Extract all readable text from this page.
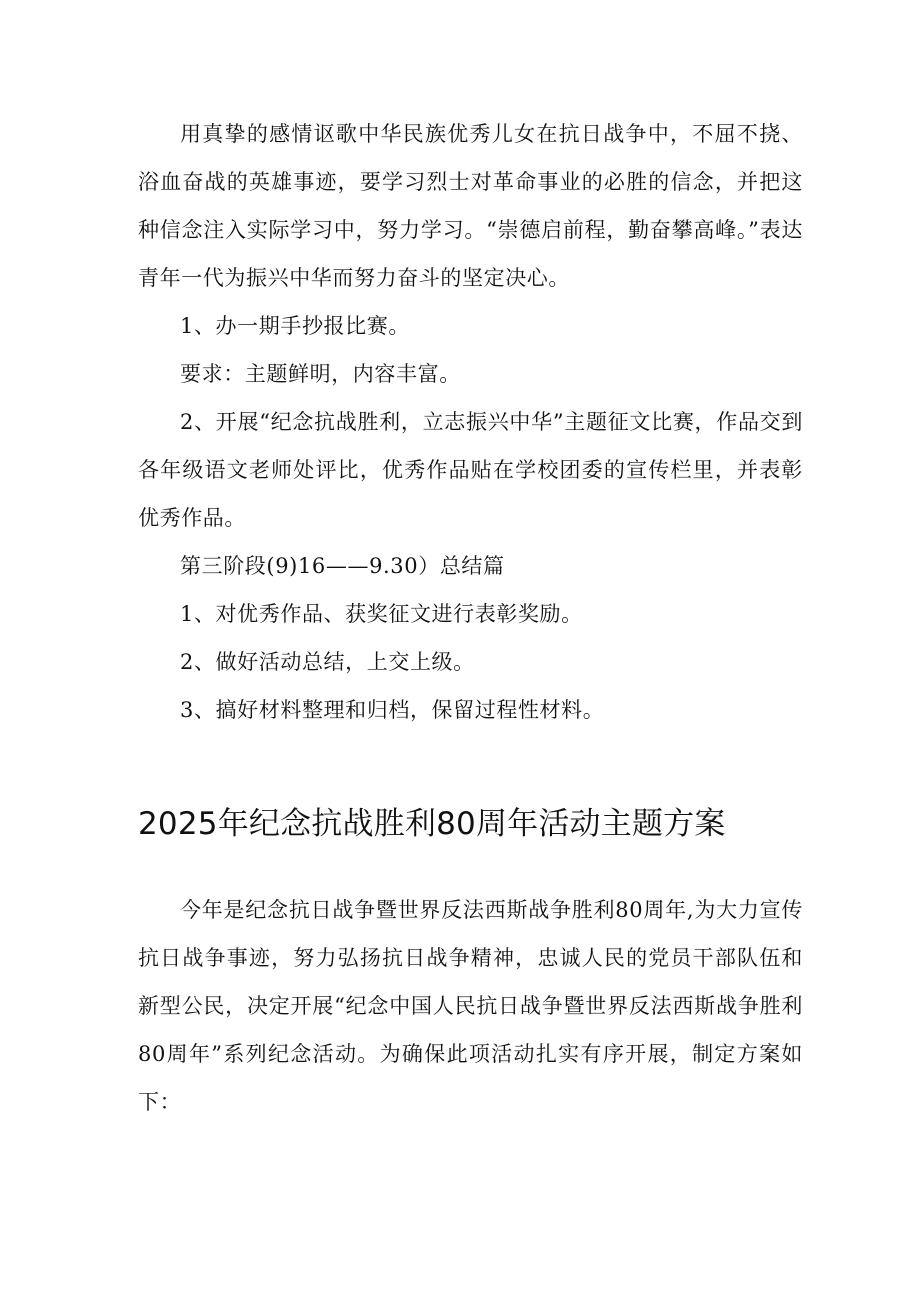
用真挚的感情讴歌中华民族优秀儿女在抗日战争中，不屈不挠、浴血奋战的英雄事迹，要学习烈士对革命事业的必胜的信念，并把这种信念注入实际学习中，努力学习。“崇德启前程，勤奋攀高峰。”表达青年一代为振兴中华而努力奋斗的坚定决心。

1、办一期手抄报比赛。

要求：主题鲜明，内容丰富。

2、开展“纪念抗战胜利，立志振兴中华”主题征文比赛，作品交到各年级语文老师处评比，优秀作品贴在学校团委的宣传栏里，并表彰优秀作品。

第三阶段(9)16——9.30）总结篇

1、对优秀作品、获奖征文进行表彰奖励。

2、做好活动总结，上交上级。

3、搞好材料整理和归档，保留过程性材料。

2025年纪念抗战胜利80周年活动主题方案

今年是纪念抗日战争暨世界反法西斯战争胜利80周年,为大力宣传抗日战争事迹，努力弘扬抗日战争精神，忠诚人民的党员干部队伍和新型公民，决定开展“纪念中国人民抗日战争暨世界反法西斯战争胜利80周年”系列纪念活动。为确保此项活动扎实有序开展，制定方案如下：
